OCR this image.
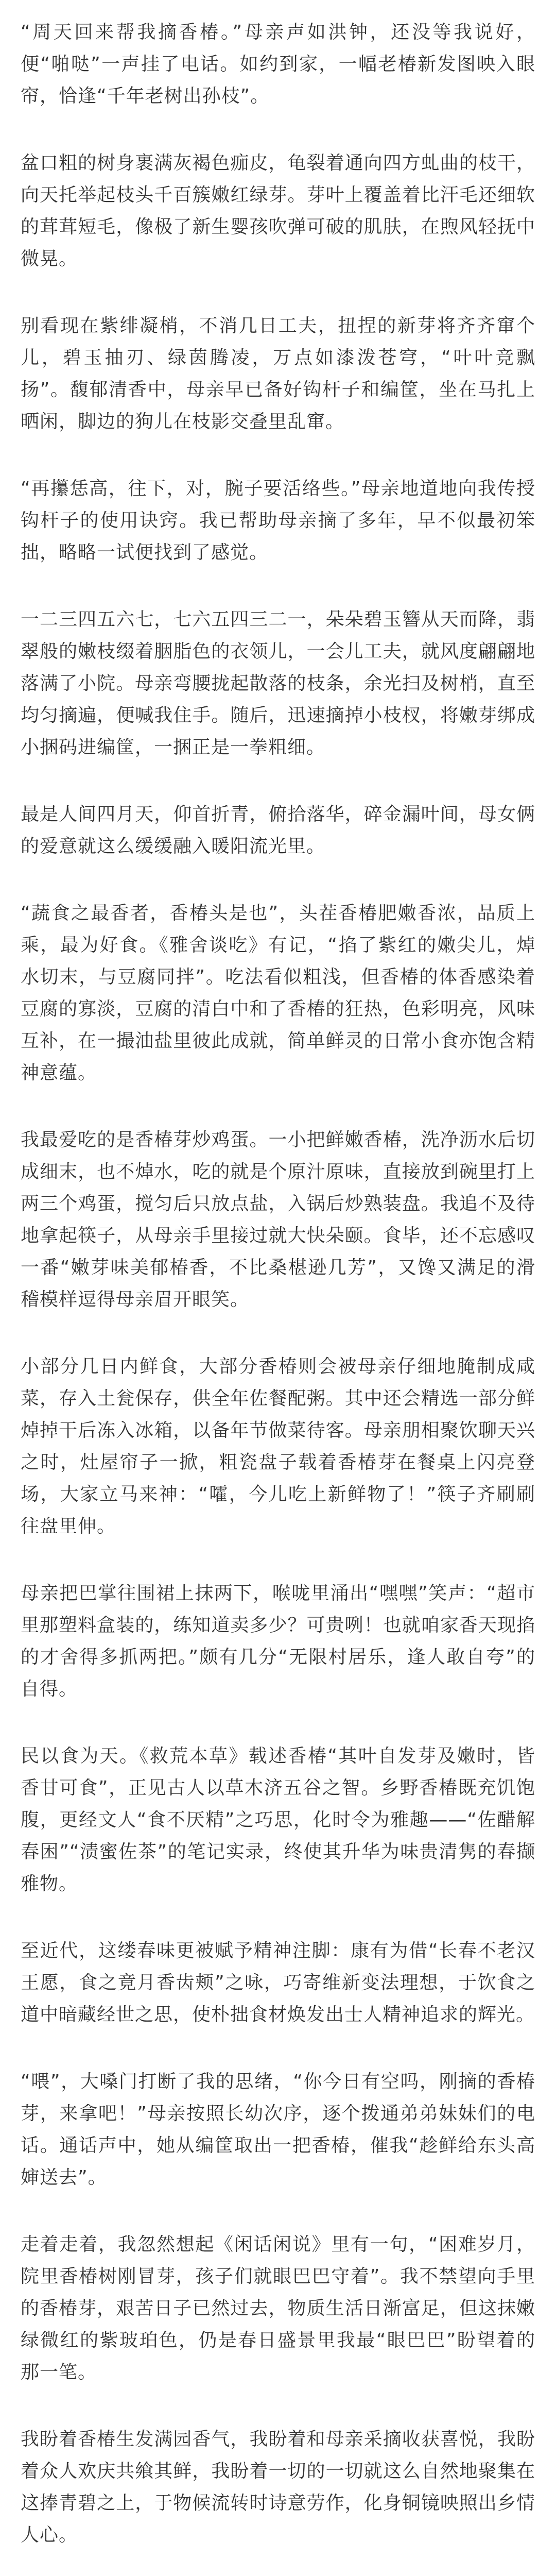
“周天回来帮我摘香椿。”母亲声如洪钟，还没等我说好，便“啪哒”一声挂了电话。如约到家，一幅老椿新发图映入眼帘，恰逢“千年老树出孙枝”。

盆口粗的树身裹满灰褐色痂皮，龟裂着通向四方虬曲的枝干，向天托举起枝头千百簇嫩红绿芽。芽叶上覆盖着比汗毛还细软的茸茸短毛，像极了新生婴孩吹弹可破的肌肤，在煦风轻抚中微晃。

别看现在紫绯凝梢，不消几日工夫，扭捏的新芽将齐齐窜个儿，碧玉抽刃、绿茵腾凌，万点如漆泼苍穹，“叶叶竞飘扬”。馥郁清香中，母亲早已备好钩杆子和编筐，坐在马扎上晒闲，脚边的狗儿在枝影交叠里乱窜。

“再攥恁高，往下，对，腕子要活络些。”母亲地道地向我传授钩杆子的使用诀窍。我已帮助母亲摘了多年，早不似最初笨拙，略略一试便找到了感觉。

一二三四五六七，七六五四三二一，朵朵碧玉簪从天而降，翡翠般的嫩枝缀着胭脂色的衣领儿，一会儿工夫，就风度翩翩地落满了小院。母亲弯腰拢起散落的枝条，余光扫及树梢，直至均匀摘遍，便喊我住手。随后，迅速摘掉小枝杈，将嫩芽绑成小捆码进编筐，一捆正是一拳粗细。

最是人间四月天，仰首折青，俯拾落华，碎金漏叶间，母女俩的爱意就这么缓缓融入暖阳流光里。

“蔬食之最香者，香椿头是也”，头茬香椿肥嫩香浓，品质上乘，最为好食。《雅舍谈吃》有记，“掐了紫红的嫩尖儿，焯水切末，与豆腐同拌”。吃法看似粗浅，但香椿的体香感染着豆腐的寡淡，豆腐的清白中和了香椿的狂热，色彩明亮，风味互补，在一撮油盐里彼此成就，简单鲜灵的日常小食亦饱含精神意蕴。

我最爱吃的是香椿芽炒鸡蛋。一小把鲜嫩香椿，洗净沥水后切成细末，也不焯水，吃的就是个原汁原味，直接放到碗里打上两三个鸡蛋，搅匀后只放点盐，入锅后炒熟装盘。我追不及待地拿起筷子，从母亲手里接过就大快朵颐。食毕，还不忘感叹一番“嫩芽味美郁椿香，不比桑椹逊几芳”，又馋又满足的滑稽模样逗得母亲眉开眼笑。

小部分几日内鲜食，大部分香椿则会被母亲仔细地腌制成咸菜，存入土瓮保存，供全年佐餐配粥。其中还会精选一部分鲜焯掉干后冻入冰箱，以备年节做菜待客。母亲朋相聚饮聊天兴之时，灶屋帘子一掀，粗瓷盘子载着香椿芽在餐桌上闪亮登场，大家立马来神：“嚯，今儿吃上新鲜物了！”筷子齐刷刷往盘里伸。

母亲把巴掌往围裙上抹两下，喉咙里涌出“嘿嘿”笑声：“超市里那塑料盒装的，练知道卖多少？可贵咧！也就咱家香天现掐的才舍得多抓两把。”颇有几分“无限村居乐，逢人敢自夸”的自得。

民以食为天。《救荒本草》载述香椿“其叶自发芽及嫩时，皆香甘可食”，正见古人以草木济五谷之智。乡野香椿既充饥饱腹，更经文人“食不厌精”之巧思，化时令为雅趣——“佐醋解春困”“渍蜜佐茶”的笔记实录，终使其升华为味贵清隽的春撷雅物。

至近代，这缕春味更被赋予精神注脚：康有为借“长春不老汉王愿，食之竟月香齿颊”之咏，巧寄维新变法理想，于饮食之道中暗藏经世之思，使朴拙食材焕发出士人精神追求的辉光。

“喂”，大嗓门打断了我的思绪，“你今日有空吗，刚摘的香椿芽，来拿吧！”母亲按照长幼次序，逐个拨通弟弟妹妹们的电话。通话声中，她从编筐取出一把香椿，催我“趁鲜给东头高婶送去”。

走着走着，我忽然想起《闲话闲说》里有一句，“困难岁月，院里香椿树刚冒芽，孩子们就眼巴巴守着”。我不禁望向手里的香椿芽，艰苦日子已然过去，物质生活日渐富足，但这抹嫩绿微红的紫玻珀色，仍是春日盛景里我最“眼巴巴”盼望着的那一笔。

我盼着香椿生发满园香气，我盼着和母亲采摘收获喜悦，我盼着众人欢庆共飨其鲜，我盼着一切的一切就这么自然地聚集在这捧青碧之上，于物候流转时诗意劳作，化身铜镜映照出乡情人心。
